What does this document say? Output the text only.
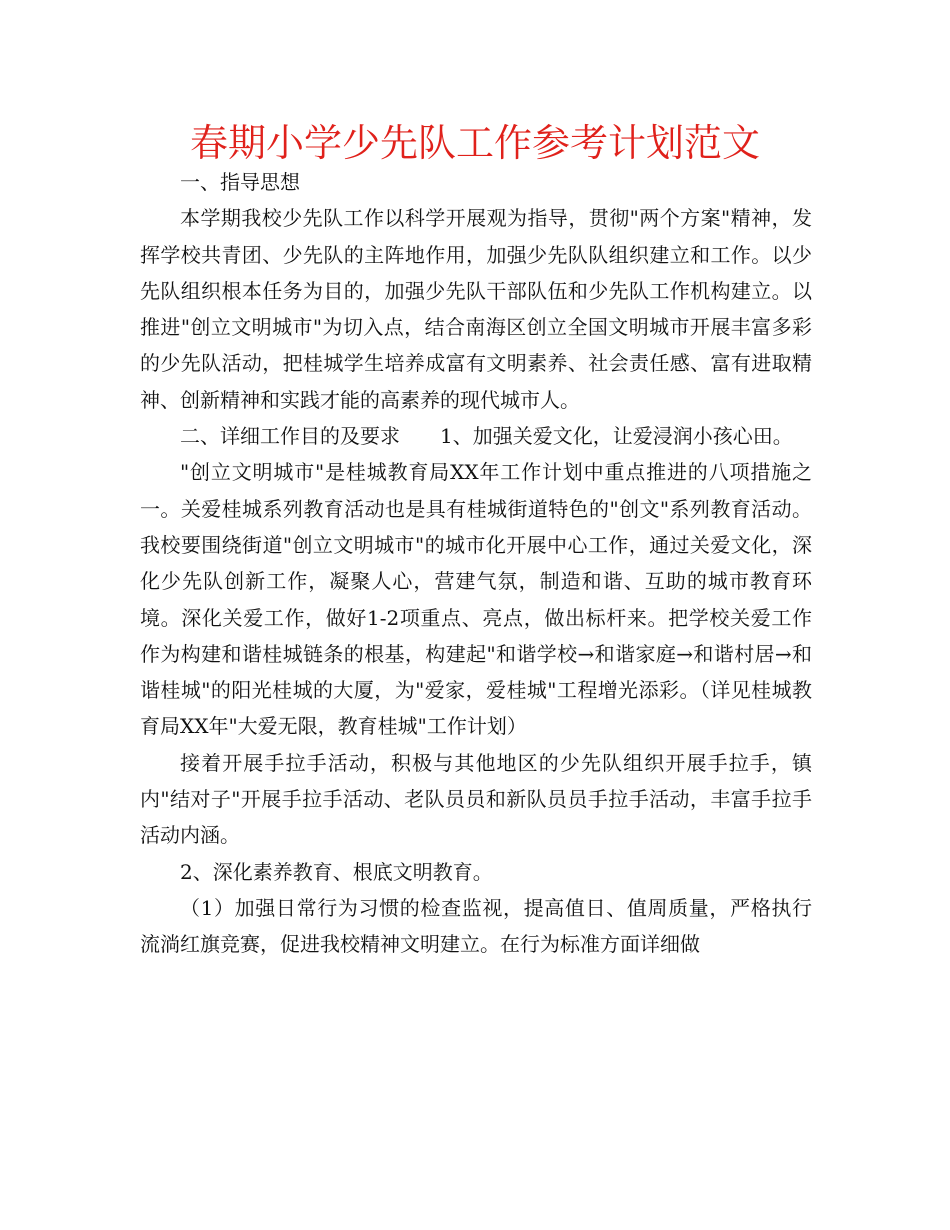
春期小学少先队工作参考计划范文

一、指导思想

本学期我校少先队工作以科学开展观为指导，贯彻"两个方案"精神，发挥学校共青团、少先队的主阵地作用，加强少先队队组织建立和工作。以少先队组织根本任务为目的，加强少先队干部队伍和少先队工作机构建立。以推进"创立文明城市"为切入点，结合南海区创立全国文明城市开展丰富多彩的少先队活动，把桂城学生培养成富有文明素养、社会责任感、富有进取精神、创新精神和实践才能的高素养的现代城市人。

二、详细工作目的及要求 1、加强关爱文化，让爱浸润小孩心田。

"创立文明城市"是桂城教育局XX年工作计划中重点推进的八项措施之一。关爱桂城系列教育活动也是具有桂城街道特色的"创文"系列教育活动。我校要围绕街道"创立文明城市"的城市化开展中心工作，通过关爱文化，深化少先队创新工作，凝聚人心，营建气氛，制造和谐、互助的城市教育环境。深化关爱工作，做好1-2项重点、亮点，做出标杆来。把学校关爱工作作为构建和谐桂城链条的根基，构建起"和谐学校→和谐家庭→和谐村居→和谐桂城"的阳光桂城的大厦，为"爱家，爱桂城"工程增光添彩。（详见桂城教育局XX年"大爱无限，教育桂城"工作计划）

接着开展手拉手活动，积极与其他地区的少先队组织开展手拉手，镇内"结对子"开展手拉手活动、老队员员和新队员员手拉手活动，丰富手拉手活动内涵。

2、深化素养教育、根底文明教育。

（1）加强日常行为习惯的检查监视，提高值日、值周质量，严格执行流淌红旗竞赛，促进我校精神文明建立。在行为标准方面详细做
